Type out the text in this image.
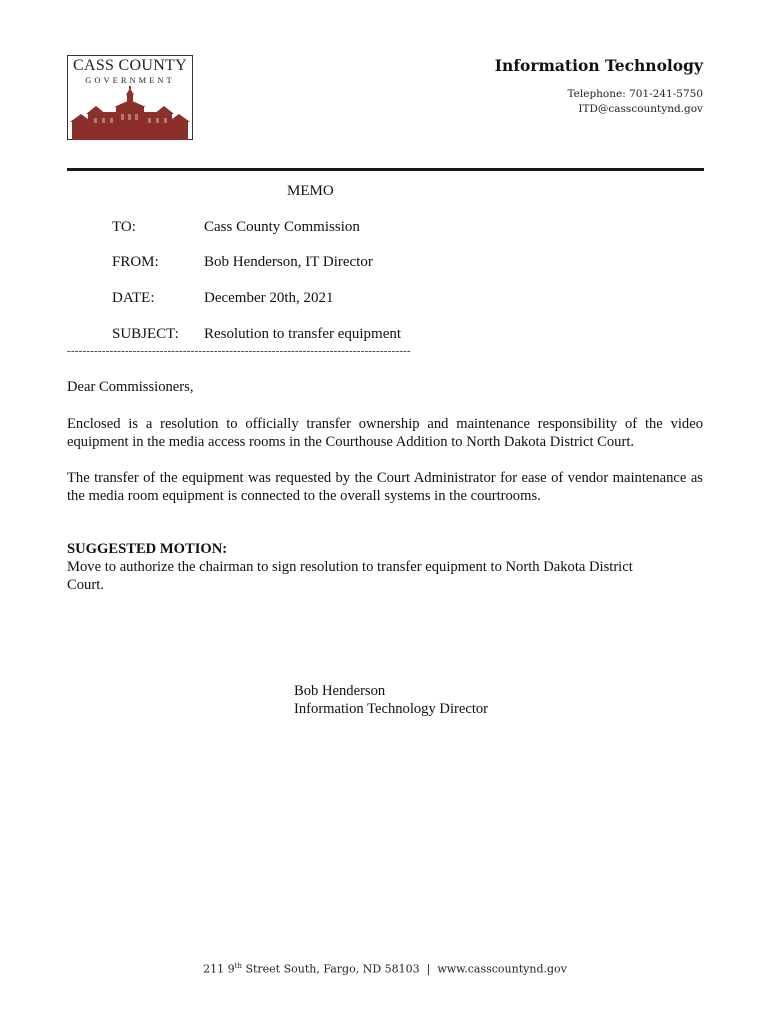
CASS COUNTY
GOVERNMENT
Information Technology
Telephone: 701-241-5750
ITD@casscountynd.gov
MEMO
TO:	Cass County Commission
FROM:	Bob Henderson, IT Director
DATE:	December 20th, 2021
SUBJECT: Resolution to transfer equipment
-----------------------------------------------------------------------------------------
Dear Commissioners,
Enclosed is a resolution to officially transfer ownership and maintenance responsibility of the video equipment in the media access rooms in the Courthouse Addition to North Dakota District Court.
The transfer of the equipment was requested by the Court Administrator for ease of vendor maintenance as the media room equipment is connected to the overall systems in the courtrooms.
SUGGESTED MOTION:
Move to authorize the chairman to sign resolution to transfer equipment to North Dakota District Court.
Bob Henderson
Information Technology Director
211 9th Street South, Fargo, ND 58103  |  www.casscountynd.gov
